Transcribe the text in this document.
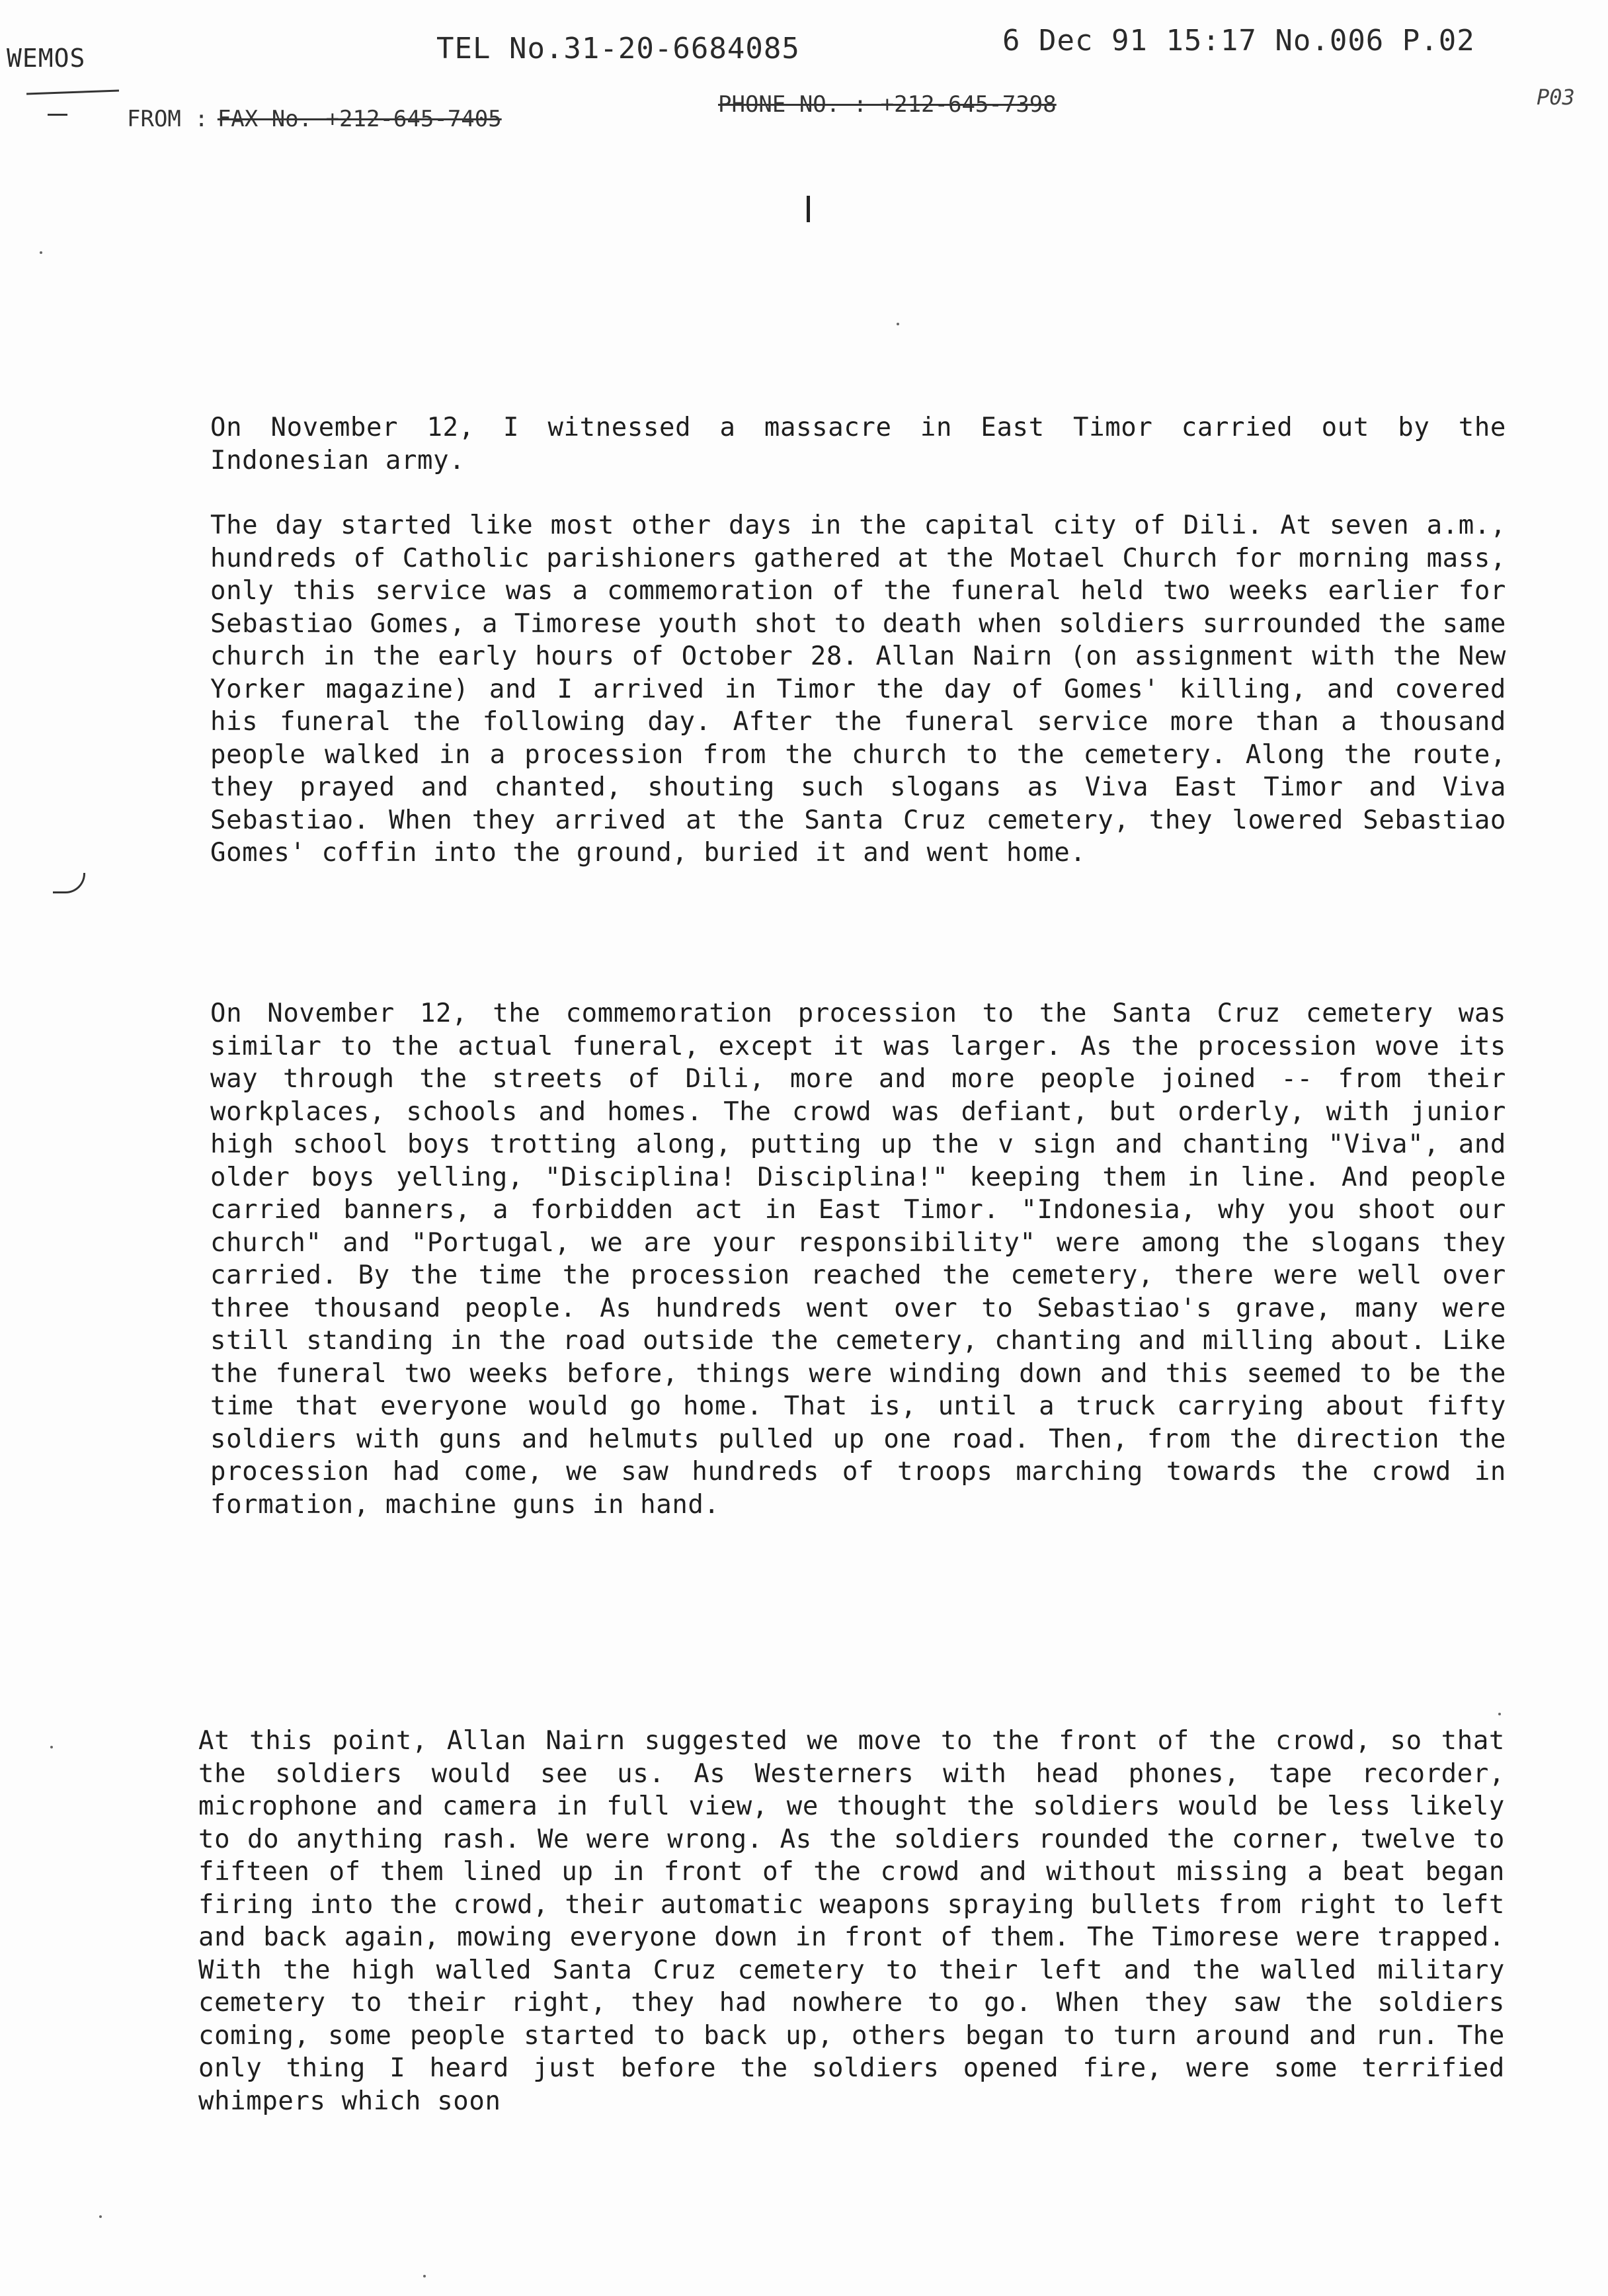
WEMOS	TEL No.31-20-6684085	6 Dec 91 15:17 No.006 P.02
FROM : FAX No. +212-645-7405
PHONE NO. : +212-645-7398	P03

On November 12, I witnessed a massacre in East Timor carried out by the Indonesian army.

The day started like most other days in the capital city of Dili. At seven a.m., hundreds of Catholic parishioners gathered at the Motael Church for morning mass, only this service was a commemoration of the funeral held two weeks earlier for Sebastiao Gomes, a Timorese youth shot to death when soldiers surrounded the same church in the early hours of October 28. Allan Nairn (on assignment with the New Yorker magazine) and I arrived in Timor the day of Gomes' killing, and covered his funeral the following day. After the funeral service more than a thousand people walked in a procession from the church to the cemetery. Along the route, they prayed and chanted, shouting such slogans as Viva East Timor and Viva Sebastiao. When they arrived at the Santa Cruz cemetery, they lowered Sebastiao Gomes' coffin into the ground, buried it and went home.

On November 12, the commemoration procession to the Santa Cruz cemetery was similar to the actual funeral, except it was larger. As the procession wove its way through the streets of Dili, more and more people joined -- from their workplaces, schools and homes. The crowd was defiant, but orderly, with junior high school boys trotting along, putting up the v sign and chanting "Viva", and older boys yelling, "Disciplina! Disciplina!" keeping them in line. And people carried banners, a forbidden act in East Timor. "Indonesia, why you shoot our church" and "Portugal, we are your responsibility" were among the slogans they carried. By the time the procession reached the cemetery, there were well over three thousand people. As hundreds went over to Sebastiao's grave, many were still standing in the road outside the cemetery, chanting and milling about. Like the funeral two weeks before, things were winding down and this seemed to be the time that everyone would go home. That is, until a truck carrying about fifty soldiers with guns and helmuts pulled up one road. Then, from the direction the procession had come, we saw hundreds of troops marching towards the crowd in formation, machine guns in hand.

At this point, Allan Nairn suggested we move to the front of the crowd, so that the soldiers would see us. As Westerners with head phones, tape recorder, microphone and camera in full view, we thought the soldiers would be less likely to do anything rash. We were wrong. As the soldiers rounded the corner, twelve to fifteen of them lined up in front of the crowd and without missing a beat began firing into the crowd, their automatic weapons spraying bullets from right to left and back again, mowing everyone down in front of them. The Timorese were trapped. With the high walled Santa Cruz cemetery to their left and the walled military cemetery to their right, they had nowhere to go. When they saw the soldiers coming, some people started to back up, others began to turn around and run. The only thing I heard just before the soldiers opened fire, were some terrified whimpers which soon
